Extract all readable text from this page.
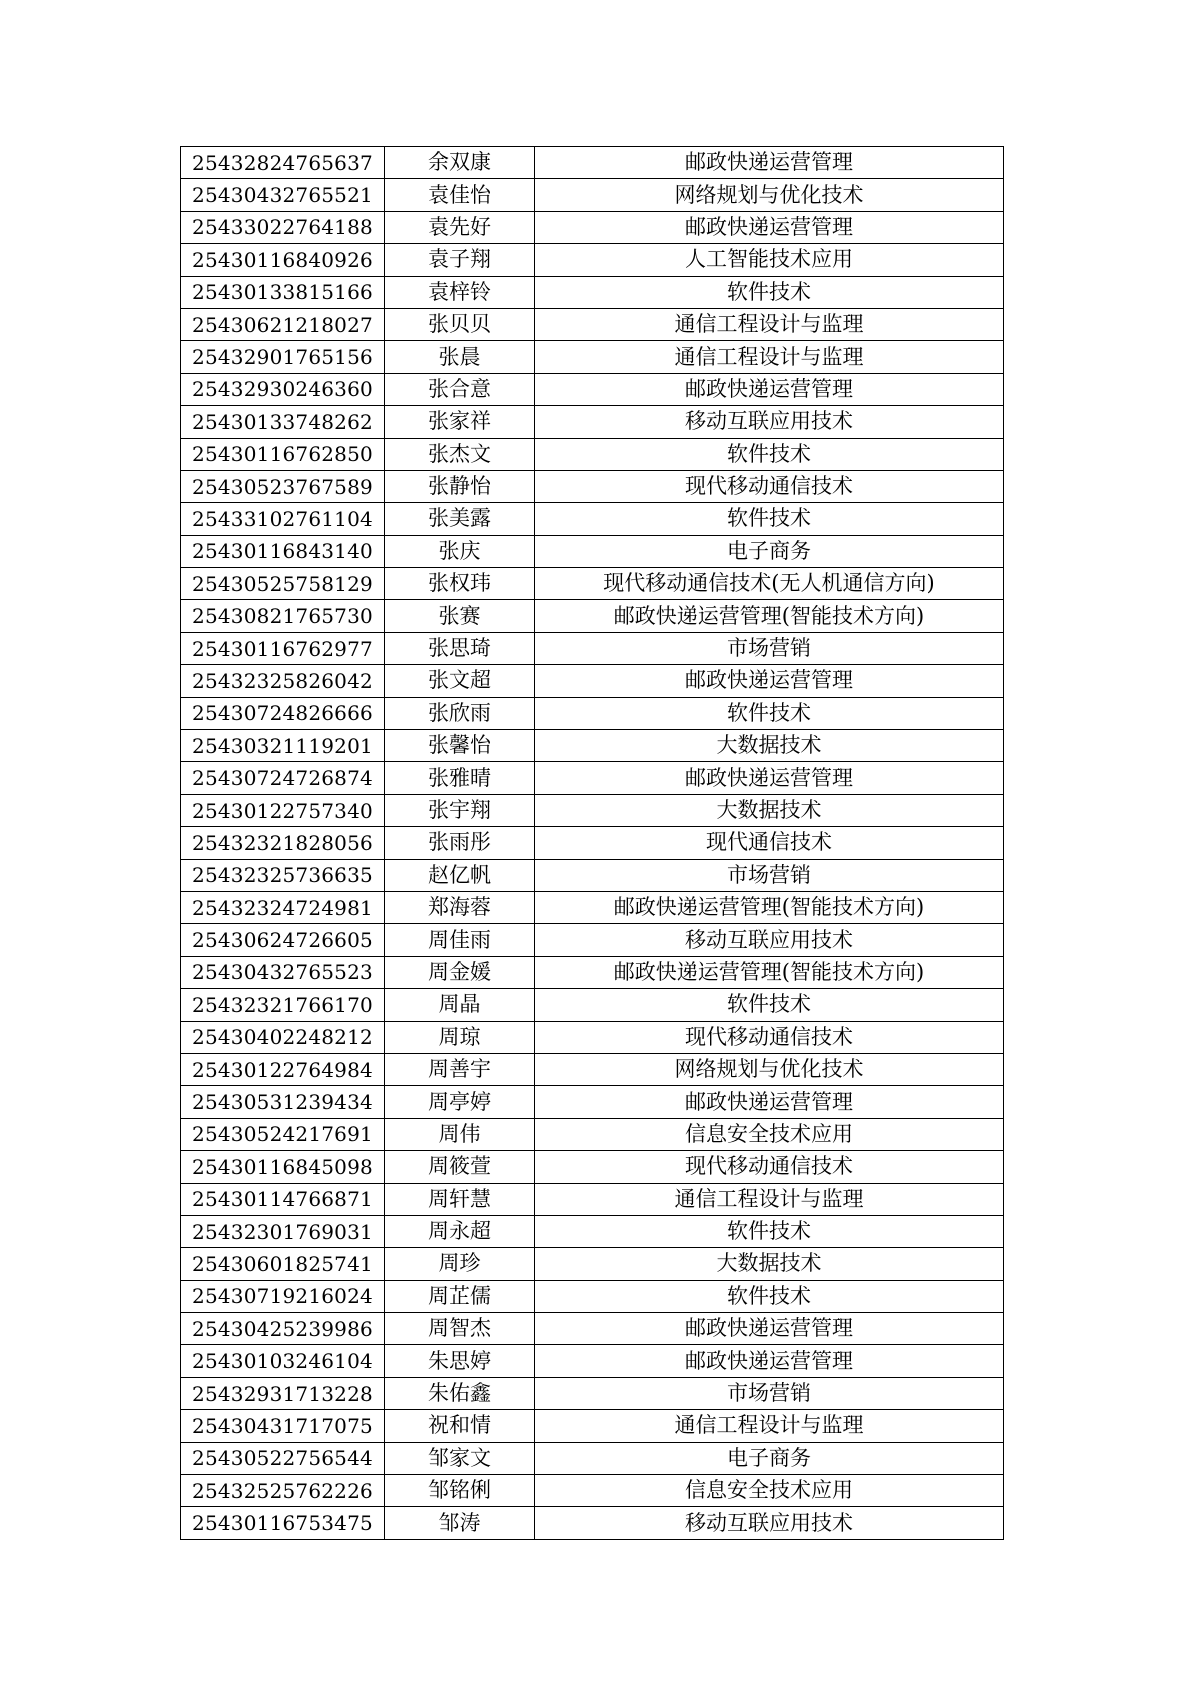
25432824765637	余双康	邮政快递运营管理
25430432765521	袁佳怡	网络规划与优化技术
25433022764188	袁先好	邮政快递运营管理
25430116840926	袁子翔	人工智能技术应用
25430133815166	袁梓铃	软件技术
25430621218027	张贝贝	通信工程设计与监理
25432901765156	张晨	通信工程设计与监理
25432930246360	张合意	邮政快递运营管理
25430133748262	张家祥	移动互联应用技术
25430116762850	张杰文	软件技术
25430523767589	张静怡	现代移动通信技术
25433102761104	张美露	软件技术
25430116843140	张庆	电子商务
25430525758129	张权玮	现代移动通信技术(无人机通信方向)
25430821765730	张赛	邮政快递运营管理(智能技术方向)
25430116762977	张思琦	市场营销
25432325826042	张文超	邮政快递运营管理
25430724826666	张欣雨	软件技术
25430321119201	张馨怡	大数据技术
25430724726874	张雅晴	邮政快递运营管理
25430122757340	张宇翔	大数据技术
25432321828056	张雨彤	现代通信技术
25432325736635	赵亿帆	市场营销
25432324724981	郑海蓉	邮政快递运营管理(智能技术方向)
25430624726605	周佳雨	移动互联应用技术
25430432765523	周金媛	邮政快递运营管理(智能技术方向)
25432321766170	周晶	软件技术
25430402248212	周琼	现代移动通信技术
25430122764984	周善宇	网络规划与优化技术
25430531239434	周亭婷	邮政快递运营管理
25430524217691	周伟	信息安全技术应用
25430116845098	周筱萱	现代移动通信技术
25430114766871	周轩慧	通信工程设计与监理
25432301769031	周永超	软件技术
25430601825741	周珍	大数据技术
25430719216024	周芷儒	软件技术
25430425239986	周智杰	邮政快递运营管理
25430103246104	朱思婷	邮政快递运营管理
25432931713228	朱佑鑫	市场营销
25430431717075	祝和情	通信工程设计与监理
25430522756544	邹家文	电子商务
25432525762226	邹铭俐	信息安全技术应用
25430116753475	邹涛	移动互联应用技术
